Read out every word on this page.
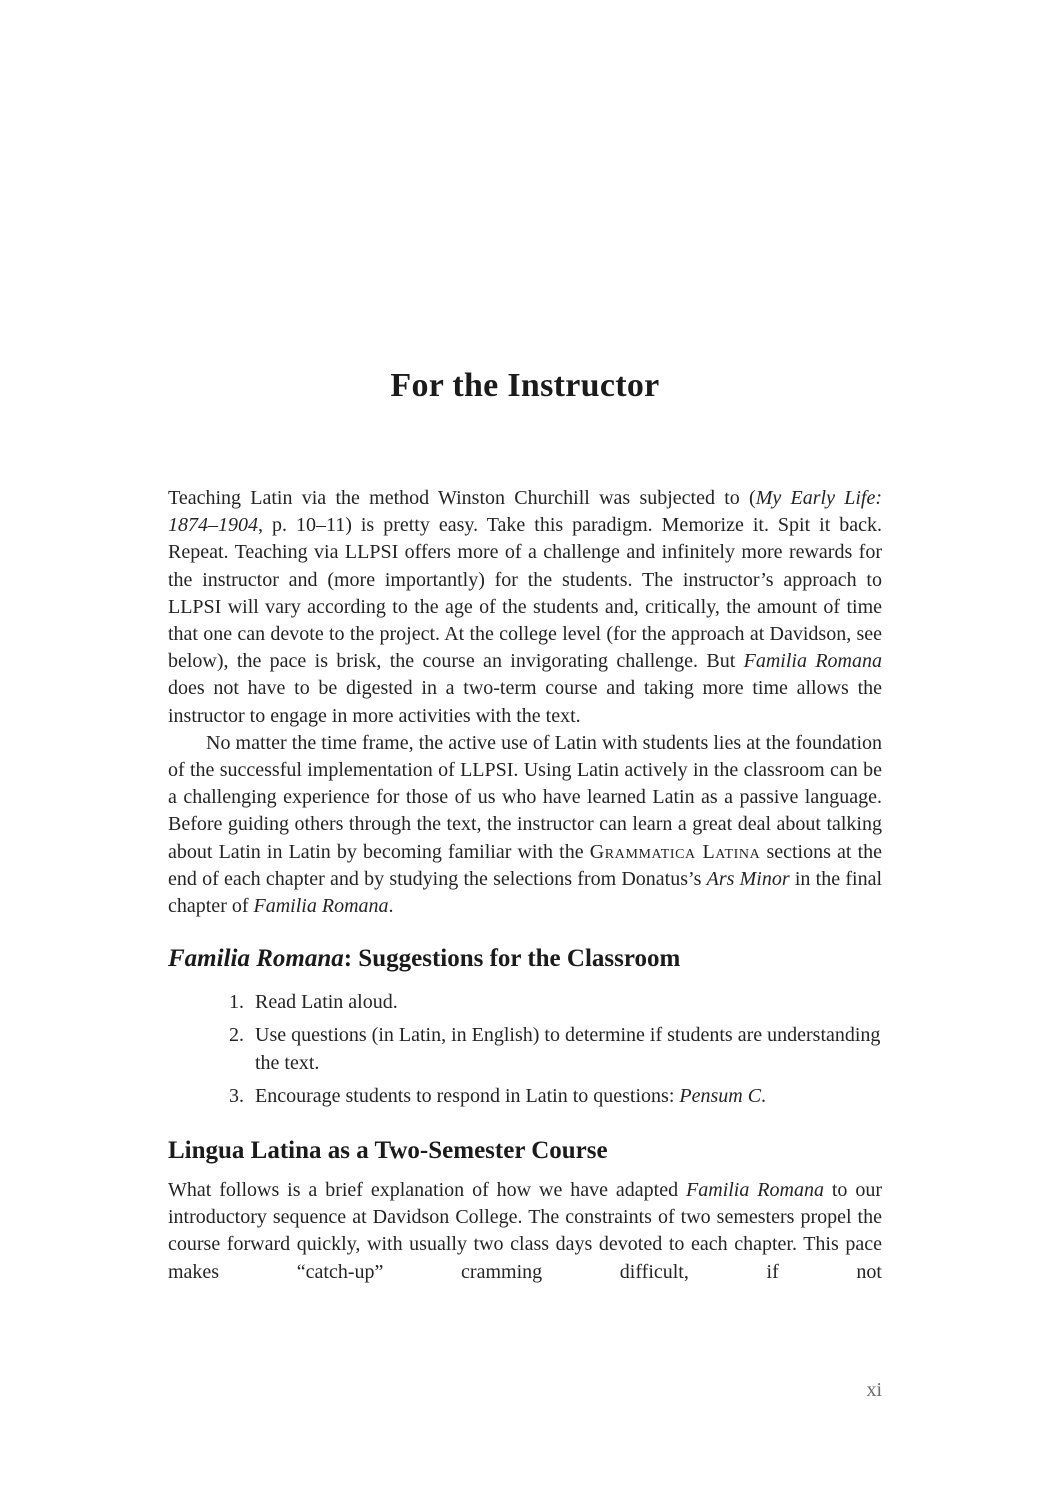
For the Instructor

Teaching Latin via the method Winston Churchill was subjected to (My Early Life: 1874–1904, p. 10–11) is pretty easy. Take this paradigm. Memorize it. Spit it back. Repeat. Teaching via LLPSI offers more of a challenge and infinitely more rewards for the instructor and (more importantly) for the students. The instructor’s approach to LLPSI will vary according to the age of the students and, critically, the amount of time that one can devote to the project. At the college level (for the approach at Davidson, see below), the pace is brisk, the course an invigorating challenge. But Familia Romana does not have to be digested in a two-term course and taking more time allows the instructor to engage in more activities with the text.

No matter the time frame, the active use of Latin with students lies at the foundation of the successful implementation of LLPSI. Using Latin actively in the classroom can be a challenging experience for those of us who have learned Latin as a passive language. Before guiding others through the text, the instructor can learn a great deal about talking about Latin in Latin by becoming familiar with the Grammatica Latina sections at the end of each chapter and by studying the selections from Donatus’s Ars Minor in the final chapter of Familia Romana.

Familia Romana: Suggestions for the Classroom
1. Read Latin aloud.
2. Use questions (in Latin, in English) to determine if students are understanding the text.
3. Encourage students to respond in Latin to questions: Pensum C.
Lingua Latina as a Two-Semester Course

What follows is a brief explanation of how we have adapted Familia Romana to our introductory sequence at Davidson College. The constraints of two semesters propel the course forward quickly, with usually two class days devoted to each chapter. This pace makes “catch-up” cramming difficult, if not

xi
